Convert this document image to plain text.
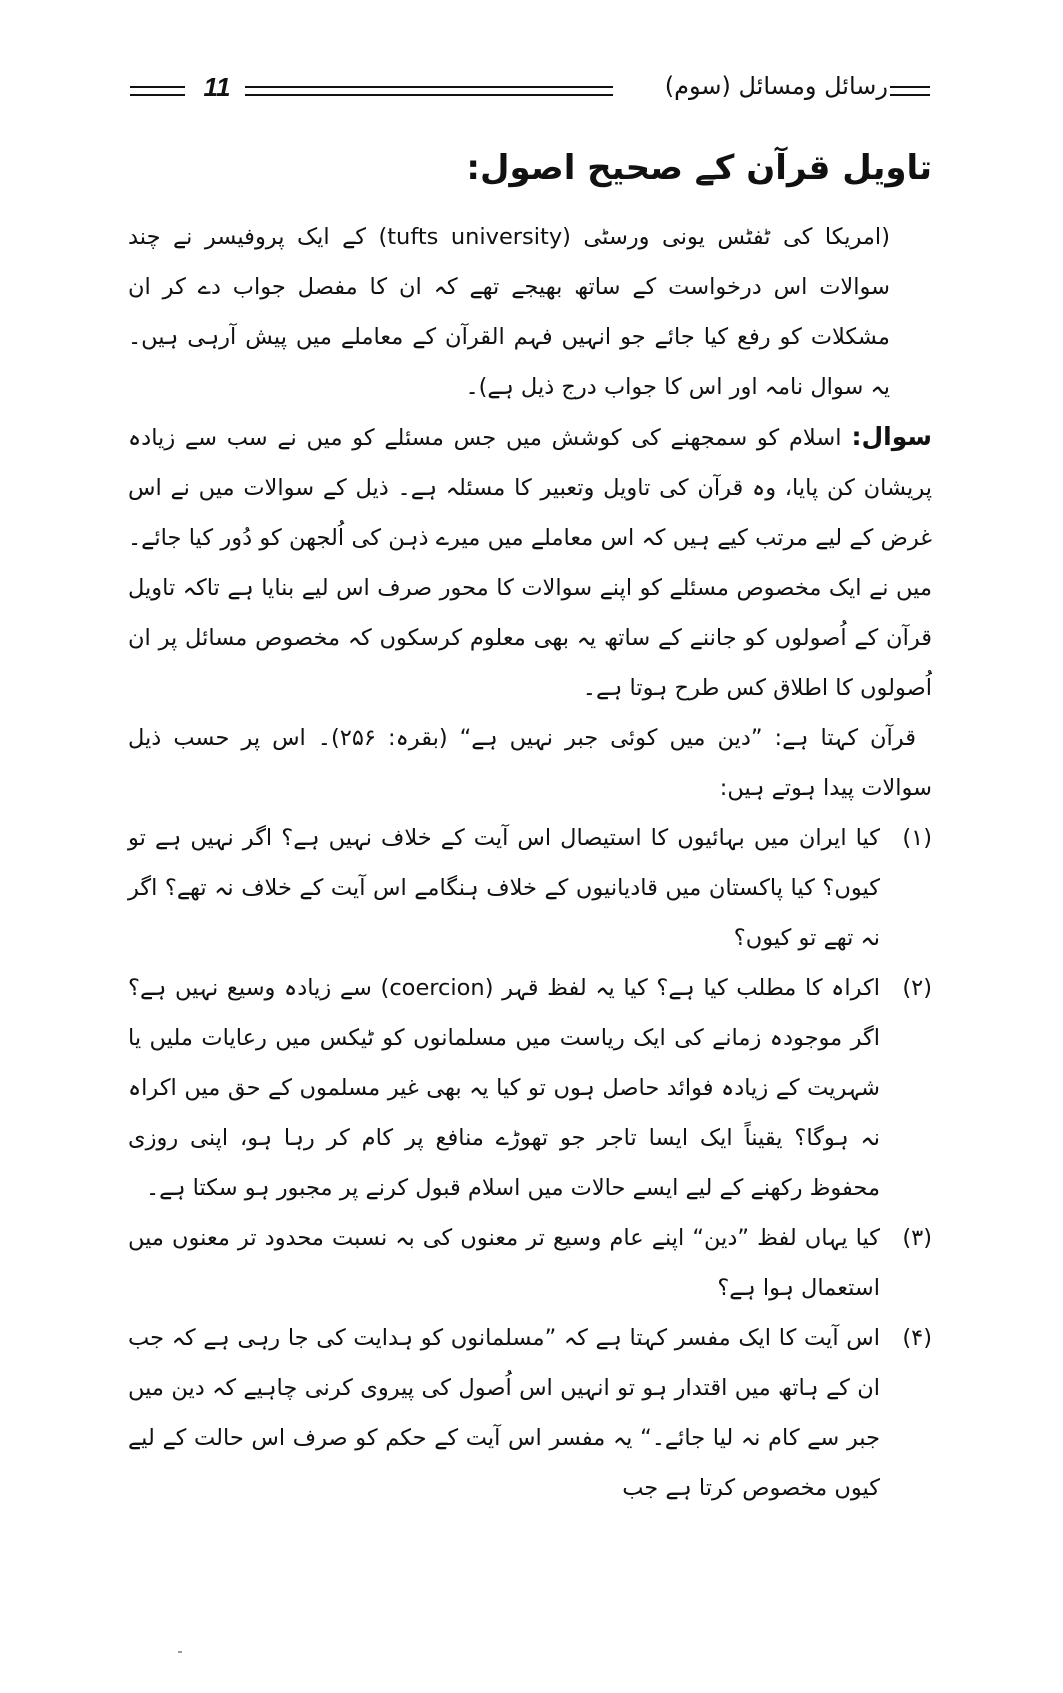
11	رسائل ومسائل (سوم)
تاویل قرآن کے صحیح اصول:

(امریکا کی ٹفٹس یونی ورسٹی (tufts university) کے ایک پروفیسر نے چند سوالات اس درخواست کے ساتھ بھیجے تھے کہ ان کا مفصل جواب دے کر ان مشکلات کو رفع کیا جائے جو انہیں فہم القرآن کے معاملے میں پیش آرہی ہیں۔ یہ سوال نامہ اور اس کا جواب درج ذیل ہے)۔

سوال:اسلام کو سمجھنے کی کوشش میں جس مسئلے کو میں نے سب سے زیادہ پریشان کن پایا، وہ قرآن کی تاویل وتعبیر کا مسئلہ ہے۔ ذیل کے سوالات میں نے اس غرض کے لیے مرتب کیے ہیں کہ اس معاملے میں میرے ذہن کی اُلجھن کو دُور کیا جائے۔ میں نے ایک مخصوص مسئلے کو اپنے سوالات کا محور صرف اس لیے بنایا ہے تاکہ تاویل قرآن کے اُصولوں کو جاننے کے ساتھ یہ بھی معلوم کرسکوں کہ مخصوص مسائل پر ان اُصولوں کا اطلاق کس طرح ہوتا ہے۔

قرآن کہتا ہے: ”دین میں کوئی جبر نہیں ہے“ (بقرہ: ۲۵۶)۔ اس پر حسب ذیل سوالات پیدا ہوتے ہیں:

(۱)
کیا ایران میں بہائیوں کا استیصال اس آیت کے خلاف نہیں ہے؟ اگر نہیں ہے تو کیوں؟ کیا پاکستان میں قادیانیوں کے خلاف ہنگامے اس آیت کے خلاف نہ تھے؟ اگر نہ تھے تو کیوں؟
(۲)
اکراہ کا مطلب کیا ہے؟ کیا یہ لفظ قہر (coercion) سے زیادہ وسیع نہیں ہے؟ اگر موجودہ زمانے کی ایک ریاست میں مسلمانوں کو ٹیکس میں رعایات ملیں یا شہریت کے زیادہ فوائد حاصل ہوں تو کیا یہ بھی غیر مسلموں کے حق میں اکراہ نہ ہوگا؟ یقیناً ایک ایسا تاجر جو تھوڑے منافع پر کام کر رہا ہو، اپنی روزی محفوظ رکھنے کے لیے ایسے حالات میں اسلام قبول کرنے پر مجبور ہو سکتا ہے۔
(۳)
کیا یہاں لفظ ”دین“ اپنے عام وسیع تر معنوں کی بہ نسبت محدود تر معنوں میں استعمال ہوا ہے؟
(۴)
اس آیت کا ایک مفسر کہتا ہے کہ ”مسلمانوں کو ہدایت کی جا رہی ہے کہ جب ان کے ہاتھ میں اقتدار ہو تو انہیں اس اُصول کی پیروی کرنی چاہیے کہ دین میں جبر سے کام نہ لیا جائے۔“ یہ مفسر اس آیت کے حکم کو صرف اس حالت کے لیے کیوں مخصوص کرتا ہے جب
